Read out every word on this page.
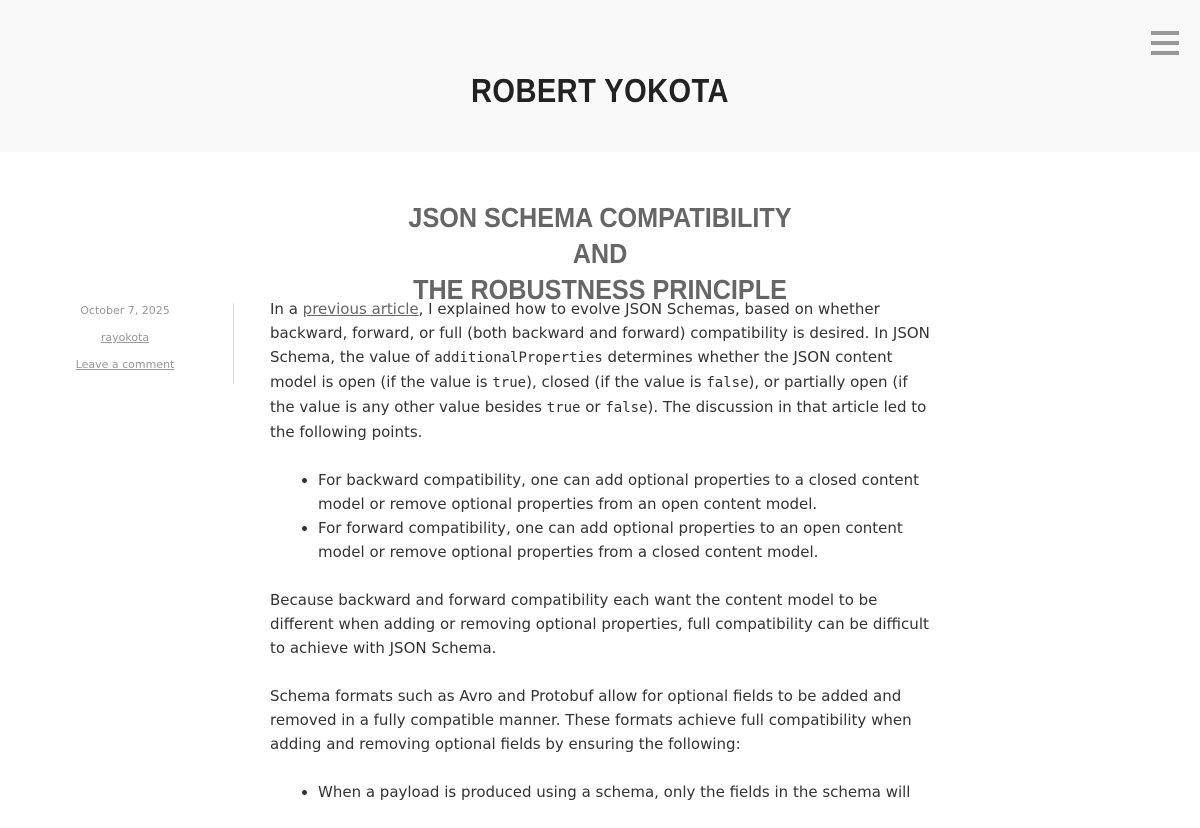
ROBERT YOKOTA
JSON SCHEMA COMPATIBILITY AND
THE ROBUSTNESS PRINCIPLE
October 7, 2025
rayokota
Leave a comment

In a previous article, I explained how to evolve JSON Schemas, based on whether backward, forward, or full (both backward and forward) compatibility is desired. In JSON Schema, the value of additionalProperties determines whether the JSON content model is open (if the value is true), closed (if the value is false), or partially open (if the value is any other value besides true or false). The discussion in that article led to the following points.

• For backward compatibility, one can add optional properties to a closed content model or remove optional properties from an open content model.
• For forward compatibility, one can add optional properties to an open content model or remove optional properties from a closed content model.

Because backward and forward compatibility each want the content model to be different when adding or removing optional properties, full compatibility can be difficult to achieve with JSON Schema.

Schema formats such as Avro and Protobuf allow for optional fields to be added and removed in a fully compatible manner. These formats achieve full compatibility when adding and removing optional fields by ensuring the following:

• When a payload is produced using a schema, only the fields in the schema will
